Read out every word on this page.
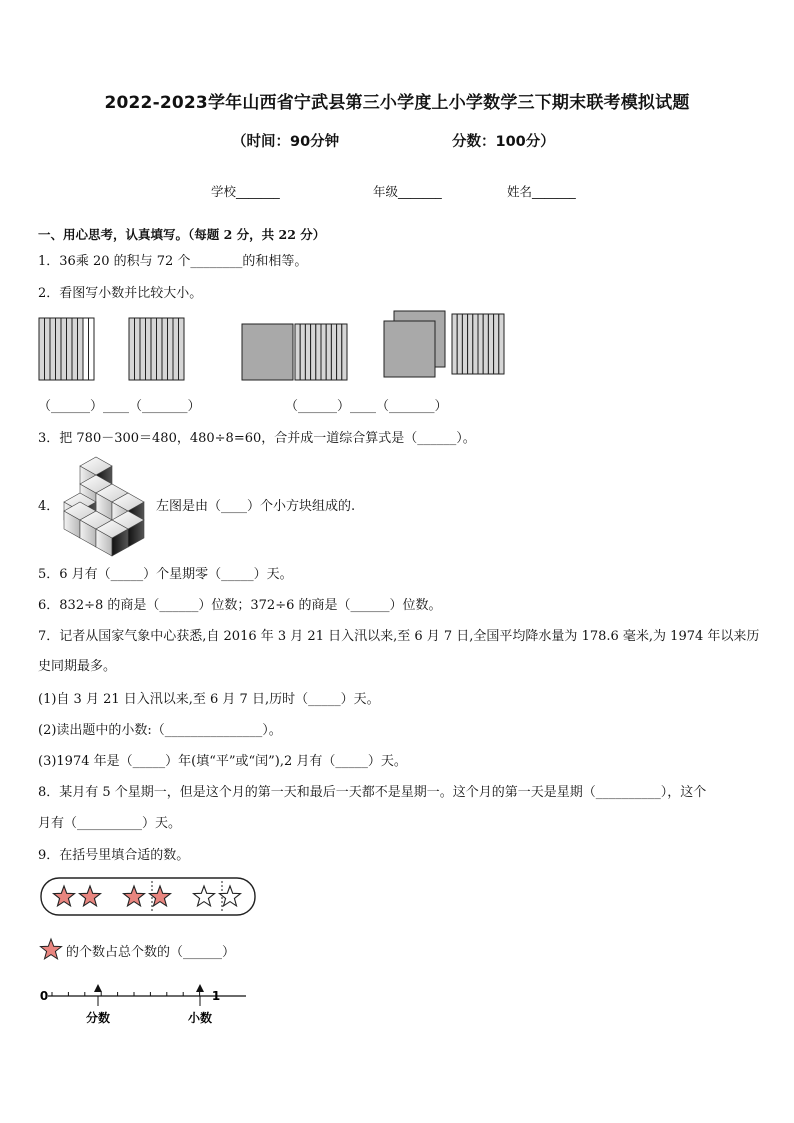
2022-2023学年山西省宁武县第三小学度上小学数学三下期末联考模拟试题
（时间：90分钟	分数：100分）
学校_______	年级_______	姓名_______
一、用心思考，认真填写。（每题 2 分，共 22 分）
1．36乘 20 的积与 72 个________的和相等。
2．看图写小数并比较大小。
（______）____（_______）	（______）____（_______）
3．把 780－300＝480，480÷8=60，合并成一道综合算式是（______）。
4．	左图是由（____）个小方块组成的.
5．6 月有（_____）个星期零（_____）天。
6．832÷8 的商是（______）位数；372÷6 的商是（______）位数。
7．记者从国家气象中心获悉,自 2016 年 3 月 21 日入汛以来,至 6 月 7 日,全国平均降水量为 178.6 毫米,为 1974 年以来历
史同期最多。
(1)自 3 月 21 日入汛以来,至 6 月 7 日,历时（_____）天。
(2)读出题中的小数:（_______________）。
(3)1974 年是（_____）年(填“平”或“闰”),2 月有（_____）天。
8．某月有 5 个星期一，但是这个月的第一天和最后一天都不是星期一。这个月的第一天是星期（__________），这个
月有（__________）天。
9．在括号里填合适的数。
的个数占总个数的（______）
0	1
分数	小数
